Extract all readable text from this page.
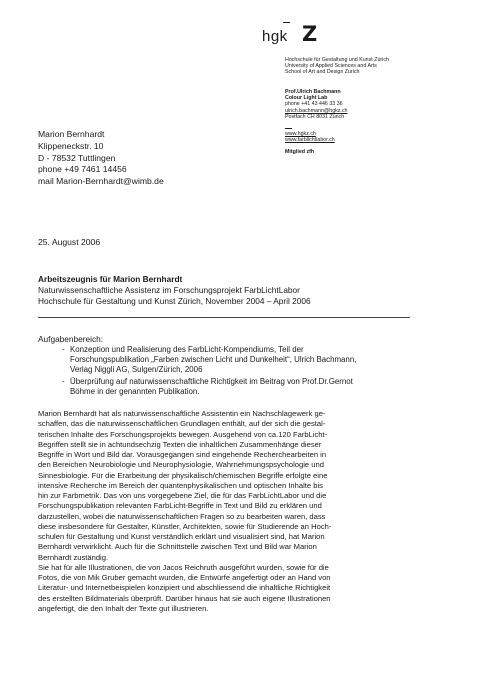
hgk Z
Hochschule für Gestaltung und Kunst Zürich
University of Applied Sciences and Arts
School of Art and Design Zurich
Prof.Ulrich Bachmann
Colour Light Lab
phone +41 43 446 33 36
ulrich.bachmann@hgkz.ch
Postfach CH 8031 Zürich
www.hgkz.ch
www.farblichtlabor.ch
Mitglied zfh
Marion Bernhardt
Klippeneckstr. 10
D - 78532 Tuttlingen
phone +49 7461 14456
mail Marion-Bernhardt@wimb.de
25. August 2006
Arbeitszeugnis für Marion Bernhardt
Naturwissenschaftliche Assistenz im Forschungsprojekt FarbLichtLabor
Hochschule für Gestaltung und Kunst Zürich, November 2004 – April 2006
Aufgabenbereich:
- Konzeption und Realisierung des FarbLicht-Kompendiums, Teil der
Forschungspublikation „Farben zwischen Licht und Dunkelheit“, Ulrich Bachmann,
Verlag Niggli AG, Sulgen/Zürich, 2006
- Überprüfung auf naturwissenschaftliche Richtigkeit im Beitrag von Prof.Dr.Gernot
Böhme in der genannten Publikation.
Marion Bernhardt hat als naturwissenschaftliche Assistentin ein Nachschlagewerk ge-
schaffen, das die naturwissenschaftlichen Grundlagen enthält, auf der sich die gestal-
terischen Inhalte des Forschungsprojekts bewegen. Ausgehend von ca.120 FarbLicht-
Begriffen stellt sie in achtundsechzig Texten die inhaltlichen Zusammenhänge dieser
Begriffe in Wort und Bild dar. Vorausgegangen sind eingehende Recherchearbeiten in
den Bereichen Neurobiologie und Neurophysiologie, Wahrnehmungspsychologie und
Sinnesbiologie. Für die Erarbeitung der physikalisch/chemischen Begriffe erfolgte eine
intensive Recherche im Bereich der quantenphysikalischen und optischen Inhalte bis
hin zur Farbmetrik. Das von uns vorgegebene Ziel, die für das FarbLichtLabor und die
Forschungspublikation relevanten FarbLicht-Begriffe in Text und Bild zu erklären und
darzustellen, wobei die naturwissenschaftlichen Fragen so zu bearbeiten waren, dass
diese insbesondere für Gestalter, Künstler, Architekten, sowie für Studierende an Hoch-
schulen für Gestaltung und Kunst verständlich erklärt und visualisiert sind, hat Marion
Bernhardt verwirklicht. Auch für die Schnittstelle zwischen Text und Bild war Marion
Bernhardt zuständig.
Sie hat für alle Illustrationen, die von Jacos Reichruth ausgeführt wurden, sowie für die
Fotos, die von Mik Gruber gemacht wurden, die Entwürfe angefertigt oder an Hand von
Literatur- und Internetbeispielen konzipiert und abschliessend die inhaltliche Richtigkeit
des erstellten Bildmaterials überprüft. Darüber hinaus hat sie auch eigene Illustrationen
angefertigt, die den Inhalt der Texte gut illustrieren.
